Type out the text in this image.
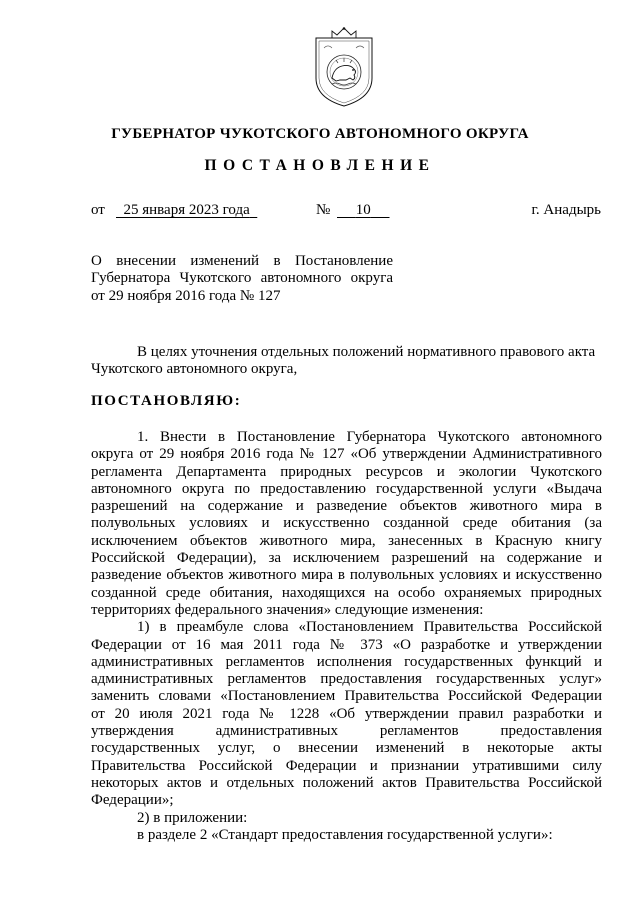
ГУБЕРНАТОР ЧУКОТСКОГО АВТОНОМНОГО ОКРУГА
ПОСТАНОВЛЕНИЕ
от	25 января 2023 года	№	10	г. Анадырь
О внесении изменений в Постановление
Губернатора Чукотского автономного округа
от 29 ноября 2016 года № 127
В целях уточнения отдельных положений нормативного правового акта Чукотского автономного округа,
ПОСТАНОВЛЯЮ:
1. Внести в Постановление Губернатора Чукотского автономного
округа от 29 ноября 2016 года № 127 «Об утверждении Административного
регламента Департамента природных ресурсов и экологии Чукотского
автономного округа по предоставлению государственной услуги «Выдача
разрешений на содержание и разведение объектов животного мира в
полувольных условиях и искусственно созданной среде обитания (за
исключением объектов животного мира, занесенных в Красную книгу
Российской Федерации), за исключением разрешений на содержание и
разведение объектов животного мира в полувольных условиях и искусственно
созданной среде обитания, находящихся на особо охраняемых природных
территориях федерального значения» следующие изменения:
1) в преамбуле слова «Постановлением Правительства Российской
Федерации от 16 мая 2011 года № 373 «О разработке и утверждении
административных регламентов исполнения государственных функций и
административных регламентов предоставления государственных услуг»
заменить словами «Постановлением Правительства Российской Федерации
от 20 июля 2021 года № 1228 «Об утверждении правил разработки и
утверждения административных регламентов предоставления
государственных услуг, о внесении изменений в некоторые акты
Правительства Российской Федерации и признании утратившими силу
некоторых актов и отдельных положений актов Правительства Российской
Федерации»;

2) в приложении:

в разделе 2 «Стандарт предоставления государственной услуги»:
